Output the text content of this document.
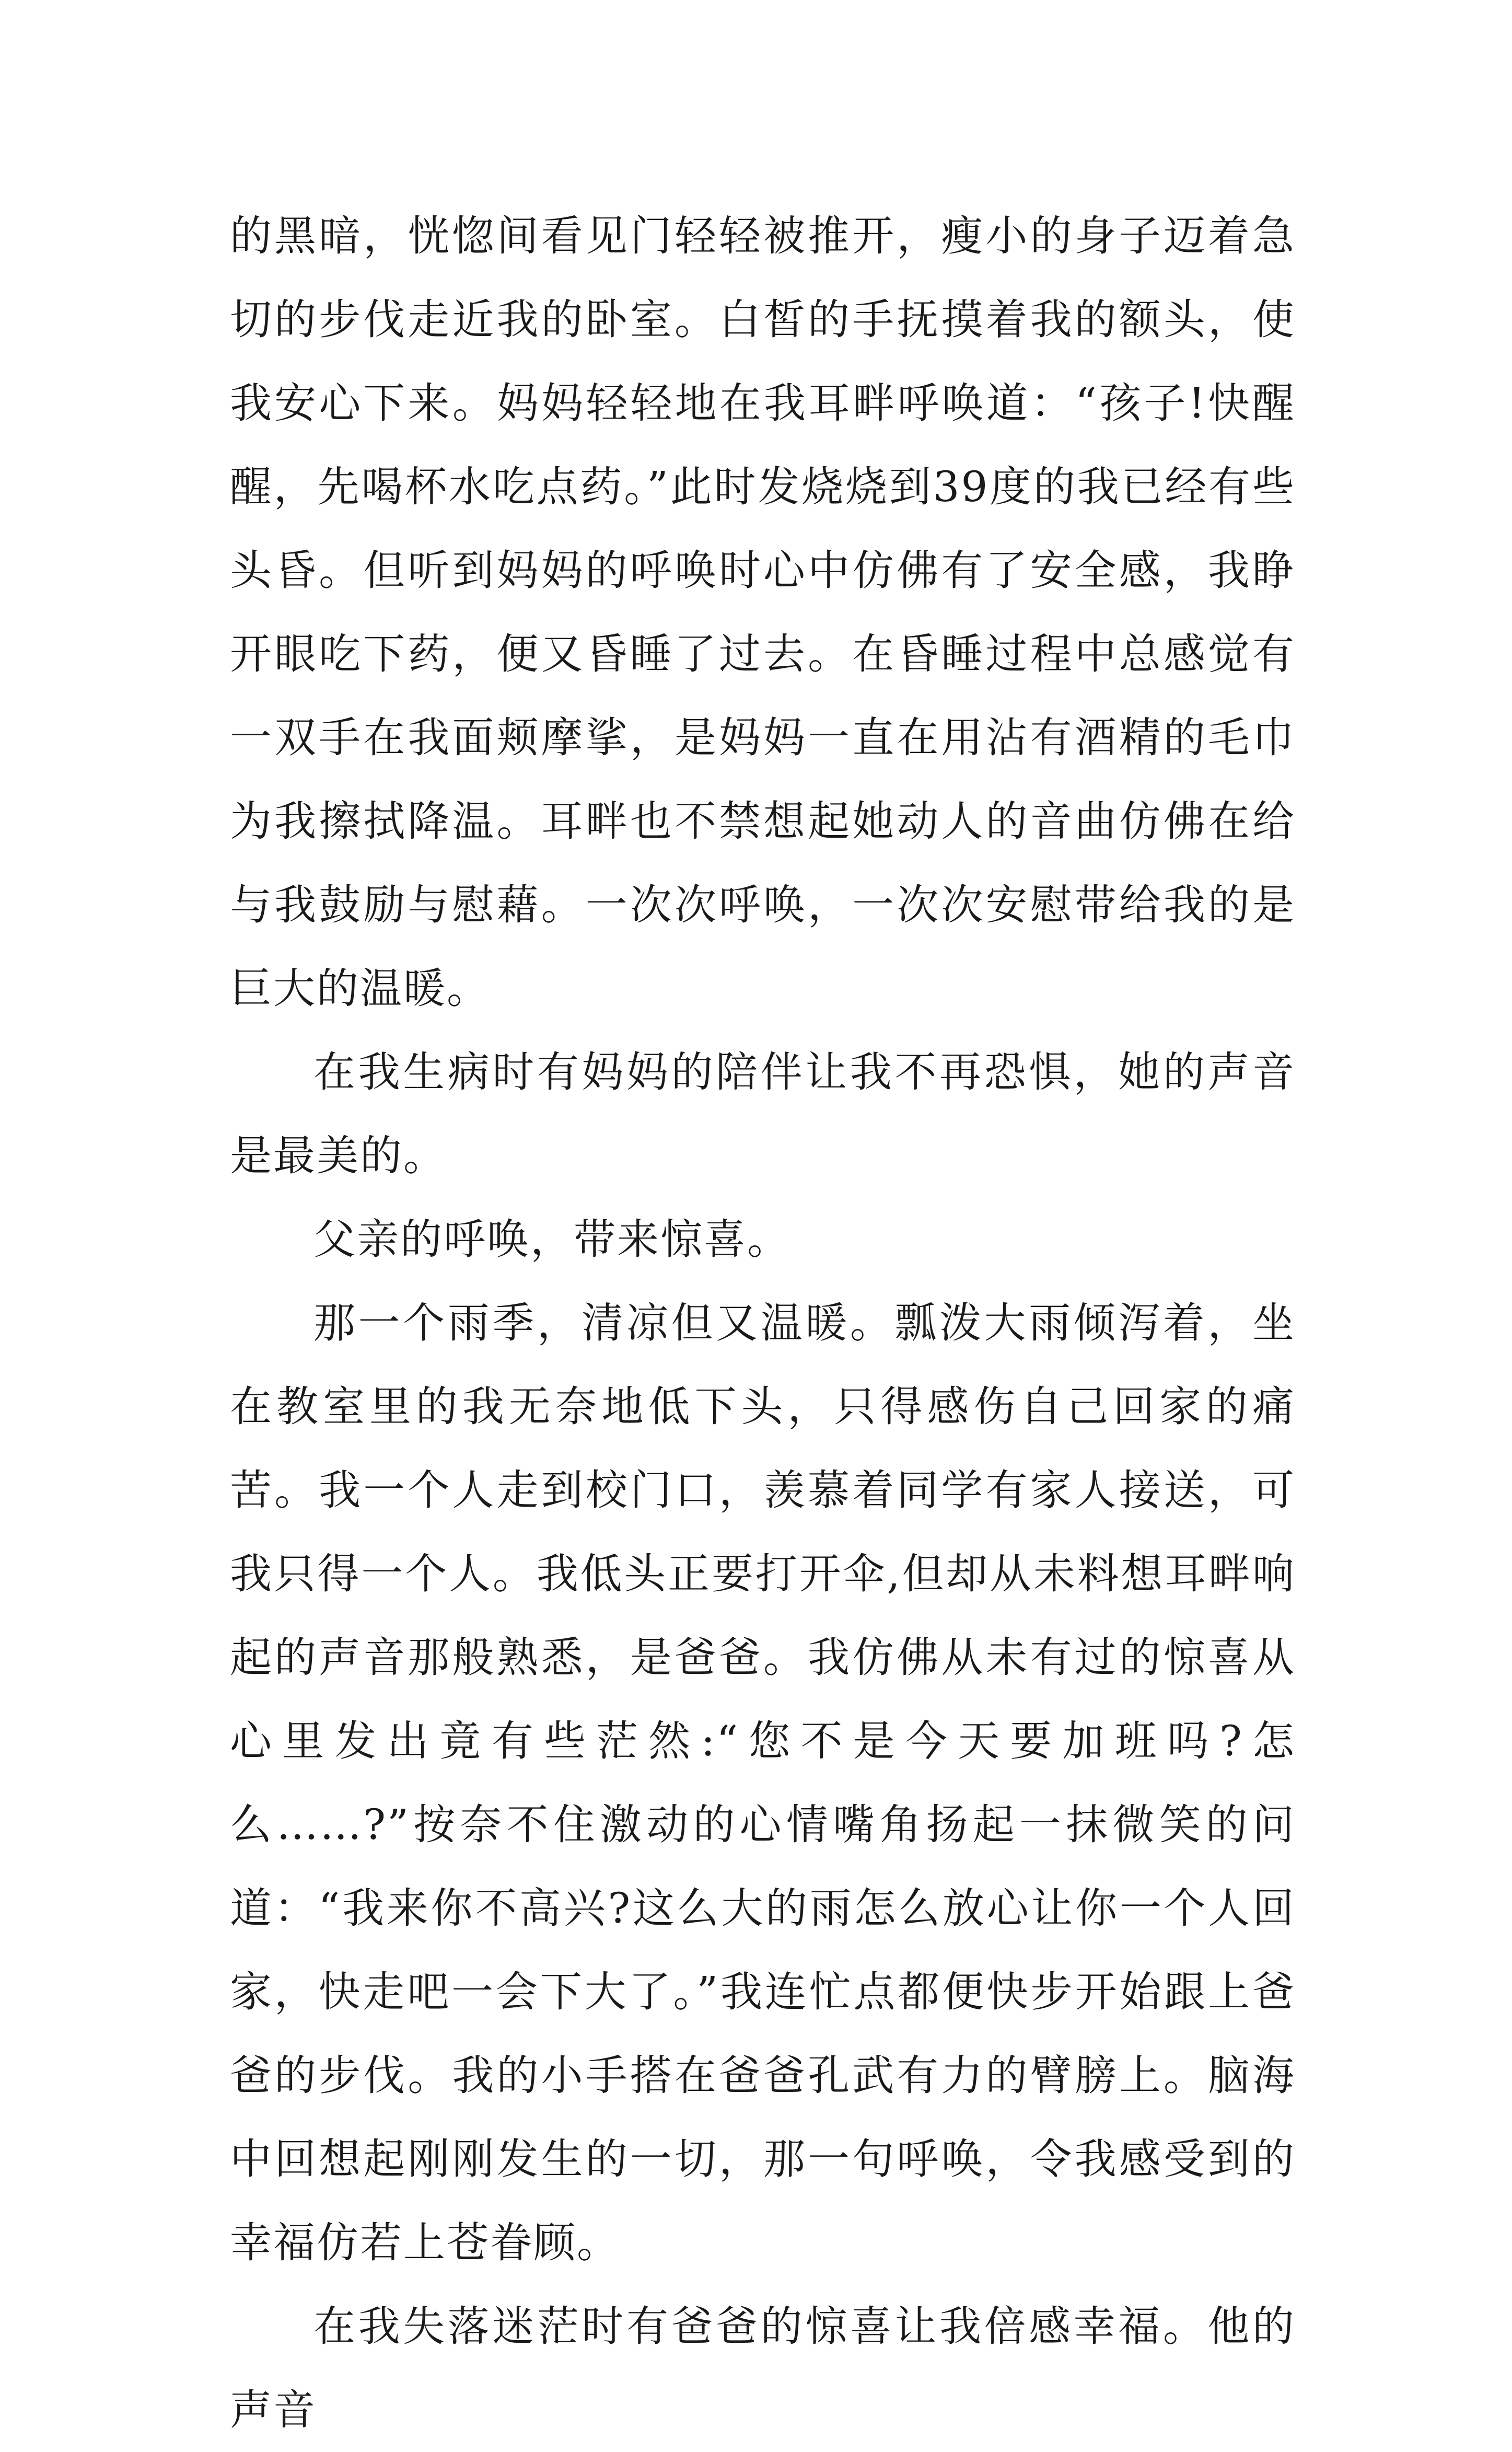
的黑暗，恍惚间看见门轻轻被推开，瘦小的身子迈着急切的步伐走近我的卧室。白皙的手抚摸着我的额头，使我安心下来。妈妈轻轻地在我耳畔呼唤道：“孩子!快醒醒，先喝杯水吃点药。”此时发烧烧到39度的我已经有些头昏。但听到妈妈的呼唤时心中仿佛有了安全感，我睁开眼吃下药，便又昏睡了过去。在昏睡过程中总感觉有一双手在我面颊摩挲，是妈妈一直在用沾有酒精的毛巾为我擦拭降温。耳畔也不禁想起她动人的音曲仿佛在给与我鼓励与慰藉。一次次呼唤，一次次安慰带给我的是巨大的温暖。

在我生病时有妈妈的陪伴让我不再恐惧，她的声音是最美的。

父亲的呼唤，带来惊喜。

那一个雨季，清凉但又温暖。瓢泼大雨倾泻着，坐在教室里的我无奈地低下头，只得感伤自己回家的痛苦。我一个人走到校门口，羡慕着同学有家人接送，可我只得一个人。我低头正要打开伞,但却从未料想耳畔响起的声音那般熟悉，是爸爸。我仿佛从未有过的惊喜从心里发出竟有些茫然:“您不是今天要加班吗?怎么……?”按奈不住激动的心情嘴角扬起一抹微笑的问道：“我来你不高兴?这么大的雨怎么放心让你一个人回家，快走吧一会下大了。”我连忙点都便快步开始跟上爸爸的步伐。我的小手搭在爸爸孔武有力的臂膀上。脑海中回想起刚刚发生的一切，那一句呼唤，令我感受到的幸福仿若上苍眷顾。

在我失落迷茫时有爸爸的惊喜让我倍感幸福。他的声音
